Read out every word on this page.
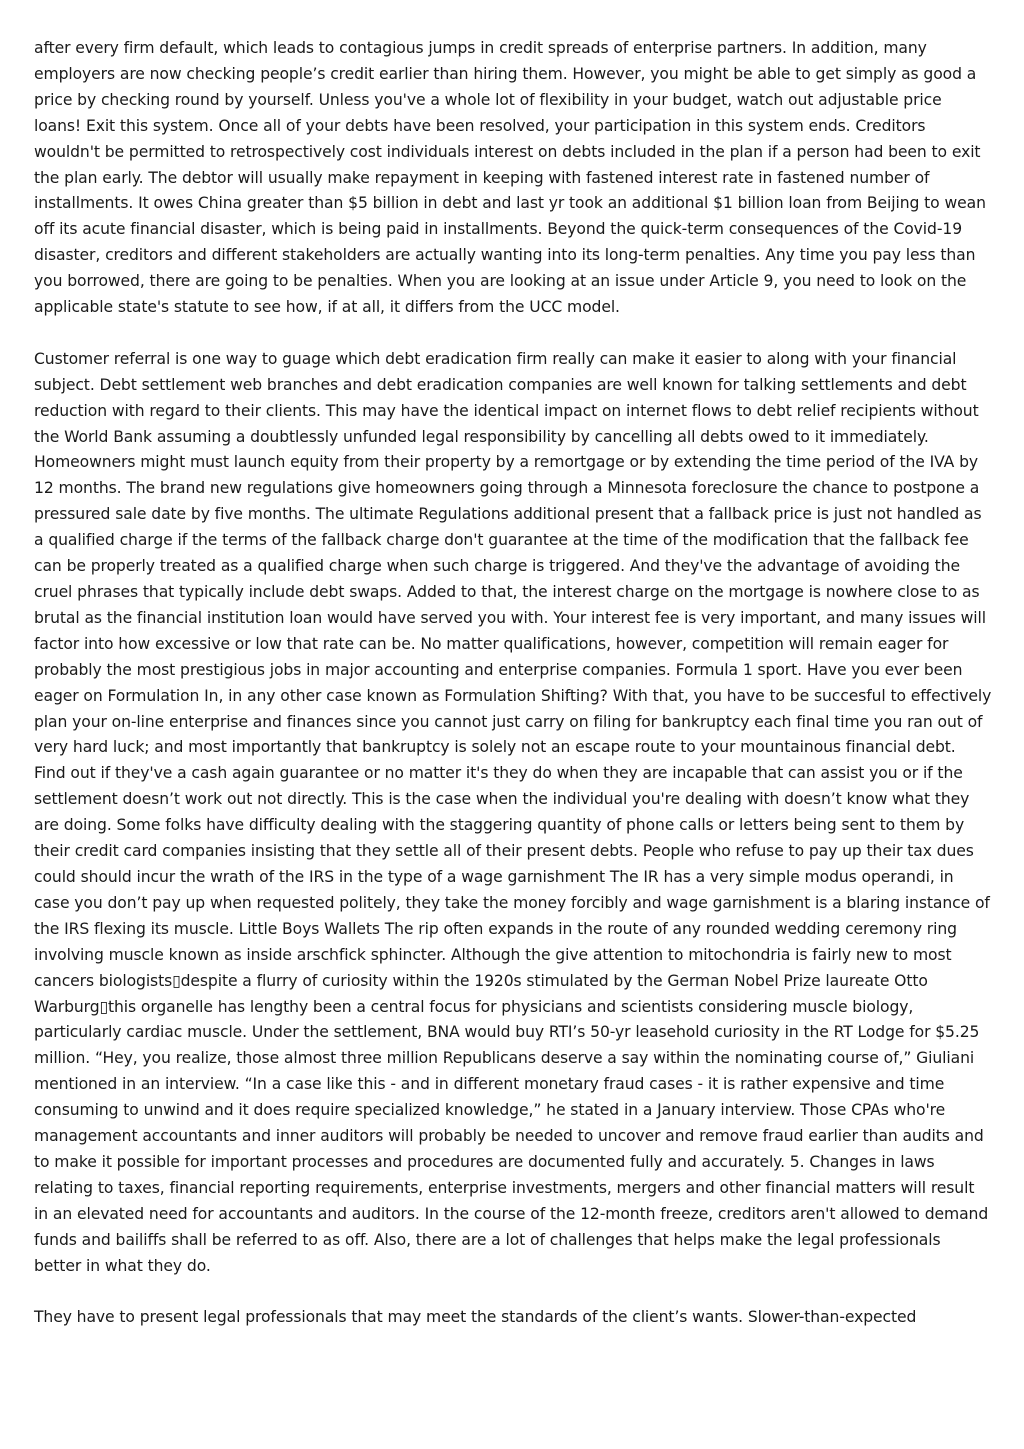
after every firm default, which leads to contagious jumps in credit spreads of enterprise partners. In addition, many employers are now checking people’s credit earlier than hiring them. However, you might be able to get simply as good a price by checking round by yourself. Unless you've a whole lot of flexibility in your budget, watch out adjustable price loans! Exit this system. Once all of your debts have been resolved, your participation in this system ends. Creditors wouldn't be permitted to retrospectively cost individuals interest on debts included in the plan if a person had been to exit the plan early. The debtor will usually make repayment in keeping with fastened interest rate in fastened number of installments. It owes China greater than $5 billion in debt and last yr took an additional $1 billion loan from Beijing to wean off its acute financial disaster, which is being paid in installments. Beyond the quick-term consequences of the Covid-19 disaster, creditors and different stakeholders are actually wanting into its long-term penalties. Any time you pay less than you borrowed, there are going to be penalties. When you are looking at an issue under Article 9, you need to look on the applicable state's statute to see how, if at all, it differs from the UCC model.

Customer referral is one way to guage which debt eradication firm really can make it easier to along with your financial subject. Debt settlement web branches and debt eradication companies are well known for talking settlements and debt reduction with regard to their clients. This may have the identical impact on internet flows to debt relief recipients without the World Bank assuming a doubtlessly unfunded legal responsibility by cancelling all debts owed to it immediately. Homeowners might must launch equity from their property by a remortgage or by extending the time period of the IVA by 12 months. The brand new regulations give homeowners going through a Minnesota foreclosure the chance to postpone a pressured sale date by five months. The ultimate Regulations additional present that a fallback price is just not handled as a qualified charge if the terms of the fallback charge don't guarantee at the time of the modification that the fallback fee can be properly treated as a qualified charge when such charge is triggered. And they've the advantage of avoiding the cruel phrases that typically include debt swaps. Added to that, the interest charge on the mortgage is nowhere close to as brutal as the financial institution loan would have served you with. Your interest fee is very important, and many issues will factor into how excessive or low that rate can be. No matter qualifications, however, competition will remain eager for probably the most prestigious jobs in major accounting and enterprise companies. Formula 1 sport. Have you ever been eager on Formulation In, in any other case known as Formulation Shifting? With that, you have to be succesful to effectively plan your on-line enterprise and finances since you cannot just carry on filing for bankruptcy each final time you ran out of very hard luck; and most importantly that bankruptcy is solely not an escape route to your mountainous financial debt. Find out if they've a cash again guarantee or no matter it's they do when they are incapable that can assist you or if the settlement doesn’t work out not directly. This is the case when the individual you're dealing with doesn’t know what they are doing. Some folks have difficulty dealing with the staggering quantity of phone calls or letters being sent to them by their credit card companies insisting that they settle all of their present debts. People who refuse to pay up their tax dues could should incur the wrath of the IRS in the type of a wage garnishment The IR has a very simple modus operandi, in case you don’t pay up when requested politely, they take the money forcibly and wage garnishment is a blaring instance of the IRS flexing its muscle. Little Boys Wallets The rip often expands in the route of any rounded wedding ceremony ring involving muscle known as inside arschfick sphincter. Although the give attention to mitochondria is fairly new to most cancers biologists▯despite a flurry of curiosity within the 1920s stimulated by the German Nobel Prize laureate Otto Warburg▯this organelle has lengthy been a central focus for physicians and scientists considering muscle biology, particularly cardiac muscle. Under the settlement, BNA would buy RTI’s 50-yr leasehold curiosity in the RT Lodge for $5.25 million. “Hey, you realize, those almost three million Republicans deserve a say within the nominating course of,” Giuliani mentioned in an interview. “In a case like this - and in different monetary fraud cases - it is rather expensive and time consuming to unwind and it does require specialized knowledge,” he stated in a January interview. Those CPAs who're management accountants and inner auditors will probably be needed to uncover and remove fraud earlier than audits and to make it possible for important processes and procedures are documented fully and accurately. 5. Changes in laws relating to taxes, financial reporting requirements, enterprise investments, mergers and other financial matters will result in an elevated need for accountants and auditors. In the course of the 12-month freeze, creditors aren't allowed to demand funds and bailiffs shall be referred to as off. Also, there are a lot of challenges that helps make the legal professionals better in what they do.

They have to present legal professionals that may meet the standards of the client’s wants. Slower-than-expected
